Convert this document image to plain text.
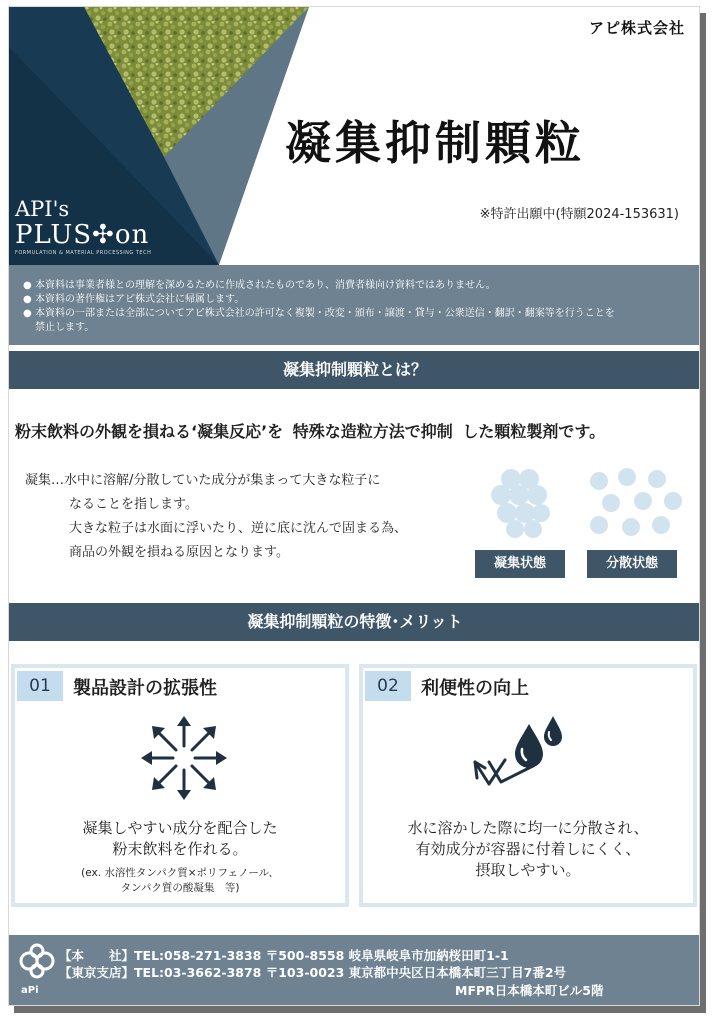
API's
PLUS✣on
FORMULATION & MATERIAL PROCESSING TECH
アピ株式会社
凝集抑制顆粒
※特許出願中(特願2024-153631)
● 本資料は事業者様との理解を深めるために作成されたものであり、消費者様向け資料ではありません。
● 本資料の著作権はアピ株式会社に帰属します。
● 本資料の一部または全部についてアピ株式会社の許可なく複製・改変・頒布・譲渡・貸与・公衆送信・翻訳・翻案等を行うことを
禁止します。
凝集抑制顆粒とは？
粉末飲料の外観を損ねる‘凝集反応’を 特殊な造粒方法で抑制 した顆粒製剤です。
凝集…水中に溶解/分散していた成分が集まって大きな粒子に
なることを指します。
大きな粒子は水面に浮いたり、逆に底に沈んで固まる為、
商品の外観を損ねる原因となります。
凝集状態	分散状態
凝集抑制顆粒の特徴･メリット
01	製品設計の拡張性
凝集しやすい成分を配合した
粉末飲料を作れる。
(ex. 水溶性タンパク質×ポリフェノール、
タンパク質の酸凝集　等)
02	利便性の向上
水に溶かした際に均一に分散され、
有効成分が容器に付着しにくく、
摂取しやすい。
aPi
【本　　社】TEL:058-271-3838 〒500-8558 岐阜県岐阜市加納桜田町1-1
【東京支店】TEL:03-3662-3878 〒103-0023 東京都中央区日本橋本町三丁目7番2号
MFPR日本橋本町ビル5階
